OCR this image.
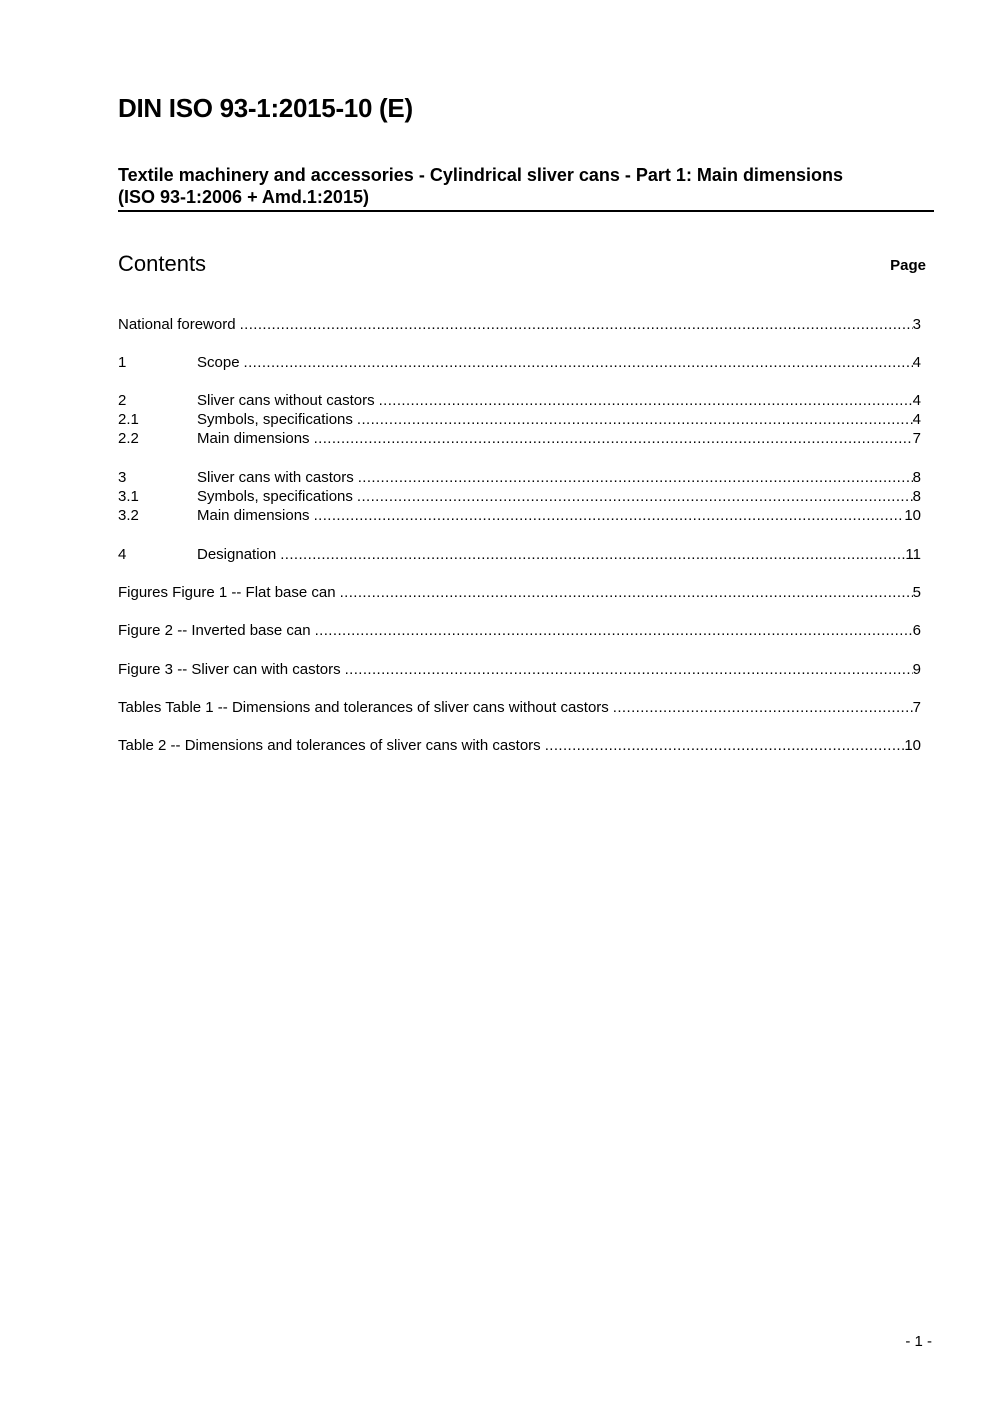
DIN ISO 93-1:2015-10 (E)
Textile machinery and accessories - Cylindrical sliver cans - Part 1: Main dimensions
(ISO 93-1:2006 + Amd.1:2015)
Contents	Page
National foreword .....	3
1	Scope .....	4
2	Sliver cans without castors .....	4
2.1	Symbols, specifications .....	4
2.2	Main dimensions .....	7
3	Sliver cans with castors .....	8
3.1	Symbols, specifications .....	8
3.2	Main dimensions .....	10
4	Designation .....	11
Figures Figure 1 -- Flat base can .....	5
Figure 2 -- Inverted base can .....	6
Figure 3 -- Sliver can with castors .....	9
Tables Table 1 -- Dimensions and tolerances of sliver cans without castors .....	7
Table 2 -- Dimensions and tolerances of sliver cans with castors .....	10
- 1 -
